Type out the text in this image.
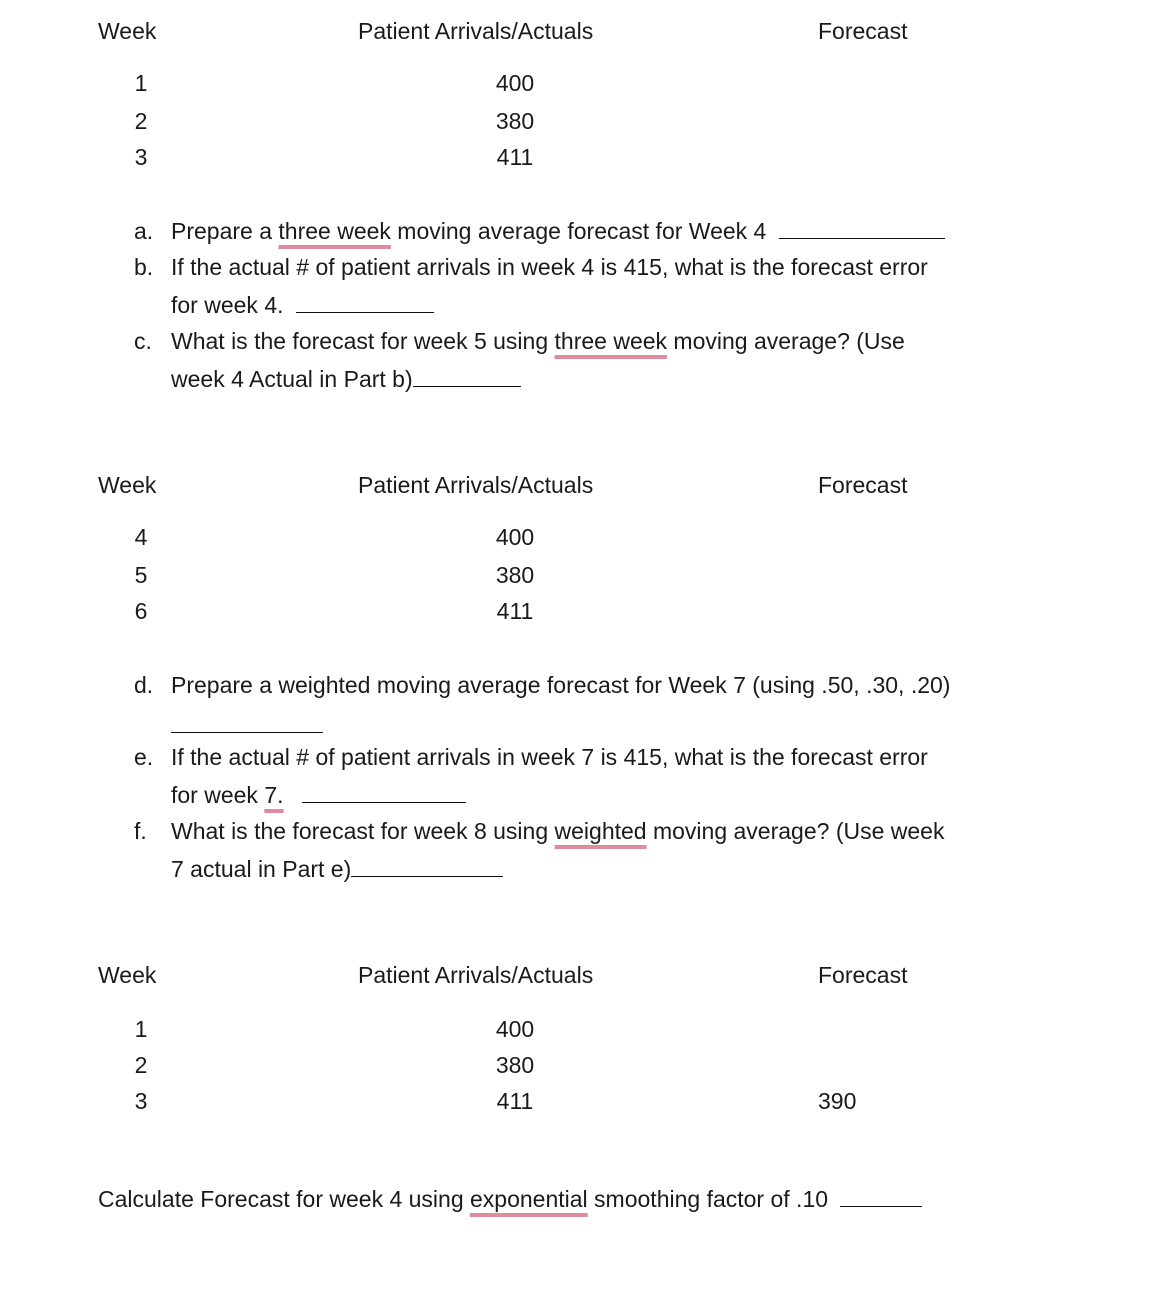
Week	Patient Arrivals/Actuals	Forecast
1	400
2	380
3	411
a. Prepare a three week moving average forecast for Week 4
b. If the actual # of patient arrivals in week 4 is 415, what is the forecast error
for week 4.
c. What is the forecast for week 5 using three week moving average? (Use
week 4 Actual in Part b)
Week	Patient Arrivals/Actuals	Forecast
4	400
5	380
6	411
d. Prepare a weighted moving average forecast for Week 7 (using .50, .30, .20)
e. If the actual # of patient arrivals in week 7 is 415, what is the forecast error
for week 7.
f. What is the forecast for week 8 using weighted moving average? (Use week
7 actual in Part e)
Week	Patient Arrivals/Actuals	Forecast
1	400
2	380
3	411	390
Calculate Forecast for week 4 using exponential smoothing factor of .10
